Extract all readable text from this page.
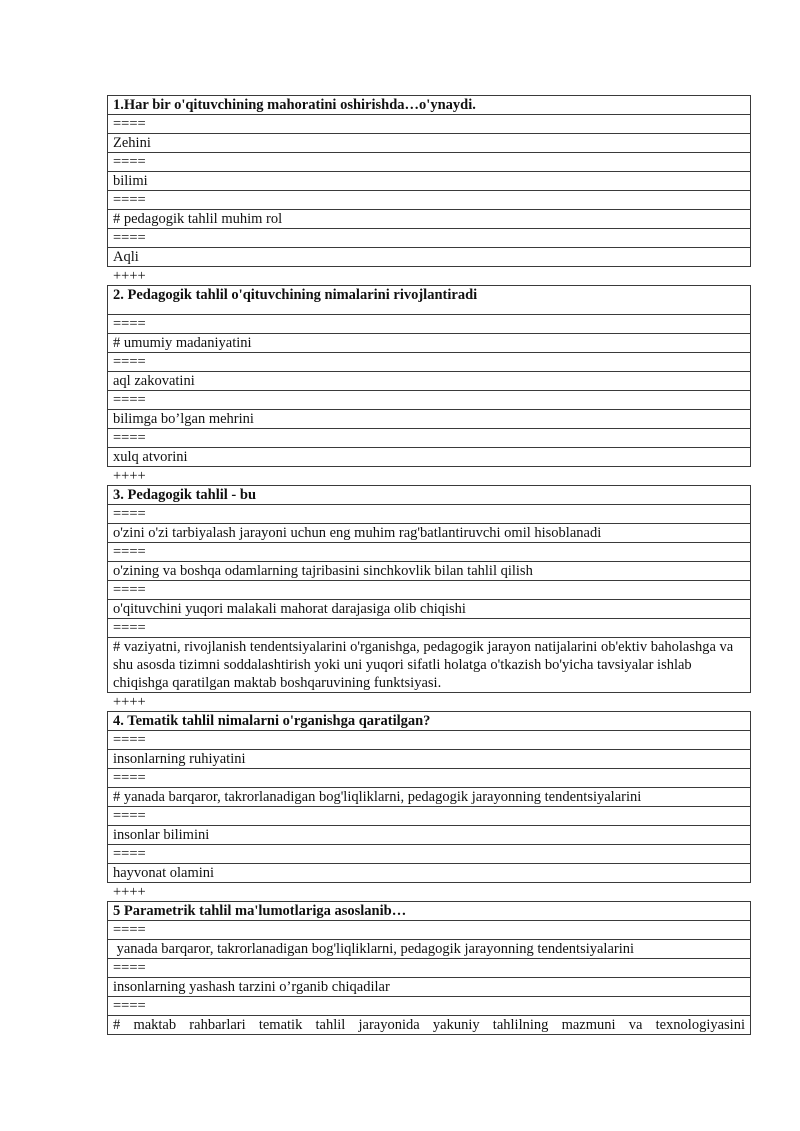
1.Har bir o'qituvchining mahoratini oshirishda…o'ynaydi.
====
Zehini
====
bilimi
====
# pedagogik tahlil muhim rol
====
Aqli
++++
2. Pedagogik tahlil o'qituvchining nimalarini rivojlantiradi
====
# umumiy madaniyatini
====
aql zakovatini
====
bilimga bo’lgan mehrini
====
xulq atvorini
++++
3. Pedagogik tahlil - bu
====
o'zini o'zi tarbiyalash jarayoni uchun eng muhim rag'batlantiruvchi omil hisoblanadi
====
o'zining va boshqa odamlarning tajribasini sinchkovlik bilan tahlil qilish
====
o'qituvchini yuqori malakali mahorat darajasiga olib chiqishi
====
# vaziyatni, rivojlanish tendentsiyalarini o'rganishga, pedagogik jarayon natijalarini ob'ektiv baholashga va shu asosda tizimni soddalashtirish yoki uni yuqori sifatli holatga o'tkazish bo'yicha tavsiyalar ishlab chiqishga qaratilgan maktab boshqaruvining funktsiyasi.
++++
4. Tematik tahlil nimalarni o'rganishga qaratilgan?
====
insonlarning ruhiyatini
====
# yanada barqaror, takrorlanadigan bog'liqliklarni, pedagogik jarayonning tendentsiyalarini
====
insonlar bilimini
====
hayvonat olamini
++++
5 Parametrik tahlil ma'lumotlariga asoslanib…
====
yanada barqaror, takrorlanadigan bog'liqliklarni, pedagogik jarayonning tendentsiyalarini
====
insonlarning yashash tarzini o’rganib chiqadilar
====
# maktab rahbarlari tematik tahlil jarayonida yakuniy tahlilning mazmuni va texnologiyasini
